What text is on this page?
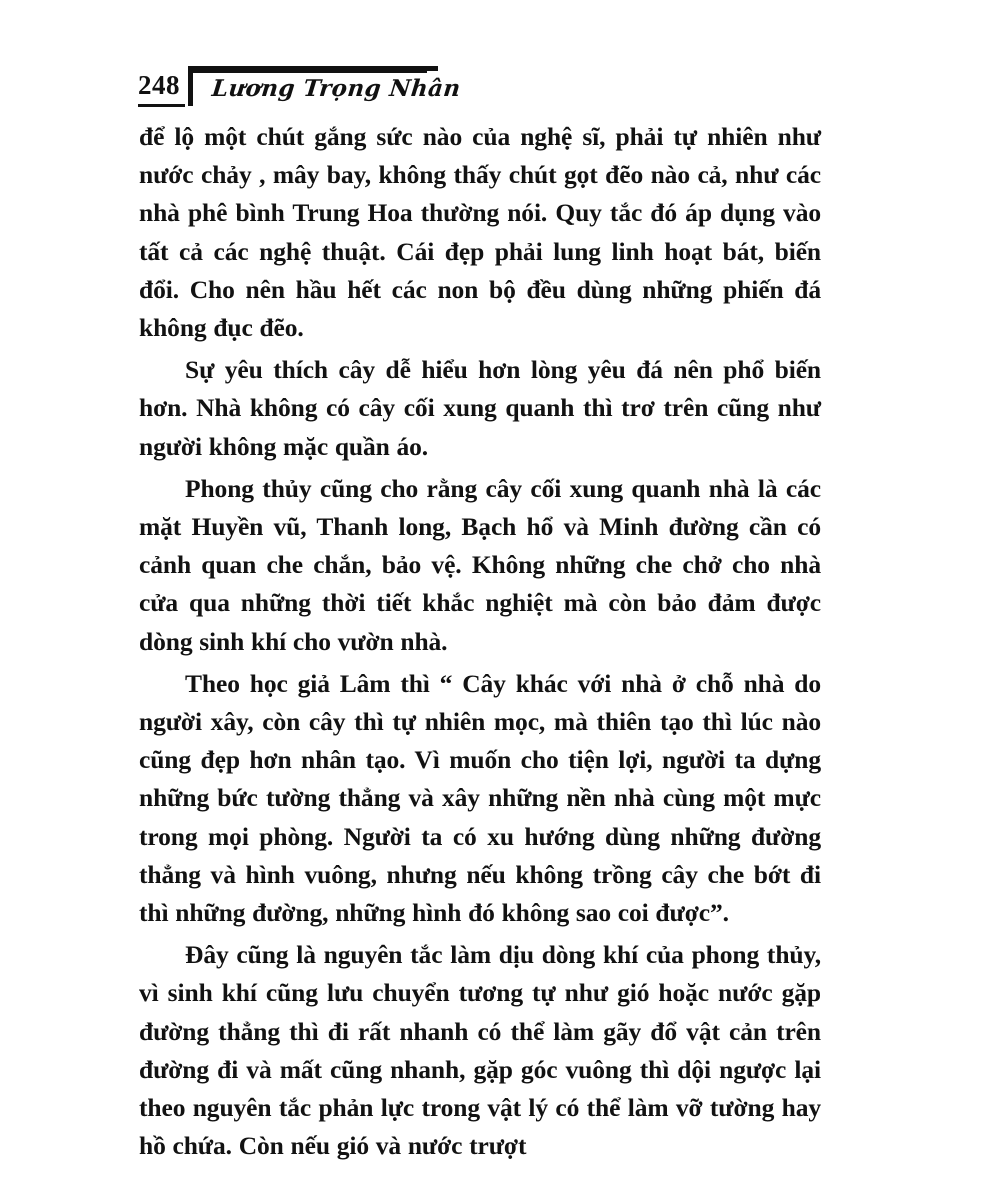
248 Lương Trọng Nhân

để lộ một chút gắng sức nào của nghệ sĩ, phải tự nhiên như nước chảy , mây bay, không thấy chút gọt đẽo nào cả, như các nhà phê bình Trung Hoa thường nói. Quy tắc đó áp dụng vào tất cả các nghệ thuật. Cái đẹp phải lung linh hoạt bát, biến đổi. Cho nên hầu hết các non bộ đều dùng những phiến đá không đục đẽo.

Sự yêu thích cây dễ hiểu hơn lòng yêu đá nên phổ biến hơn. Nhà không có cây cối xung quanh thì trơ trên cũng như người không mặc quần áo.

Phong thủy cũng cho rằng cây cối xung quanh nhà là các mặt Huyền vũ, Thanh long, Bạch hổ và Minh đường cần có cảnh quan che chắn, bảo vệ. Không những che chở cho nhà cửa qua những thời tiết khắc nghiệt mà còn bảo đảm được dòng sinh khí cho vườn nhà.

Theo học giả Lâm thì “ Cây khác với nhà ở chỗ nhà do người xây, còn cây thì tự nhiên mọc, mà thiên tạo thì lúc nào cũng đẹp hơn nhân tạo. Vì muốn cho tiện lợi, người ta dựng những bức tường thẳng và xây những nền nhà cùng một mực trong mọi phòng. Người ta có xu hướng dùng những đường thẳng và hình vuông, nhưng nếu không trồng cây che bớt đi thì những đường, những hình đó không sao coi được”.

Đây cũng là nguyên tắc làm dịu dòng khí của phong thủy, vì sinh khí cũng lưu chuyển tương tự như gió hoặc nước gặp đường thẳng thì đi rất nhanh có thể làm gãy đổ vật cản trên đường đi và mất cũng nhanh, gặp góc vuông thì dội ngược lại theo nguyên tắc phản lực trong vật lý có thể làm vỡ tường hay hồ chứa. Còn nếu gió và nước trượt
